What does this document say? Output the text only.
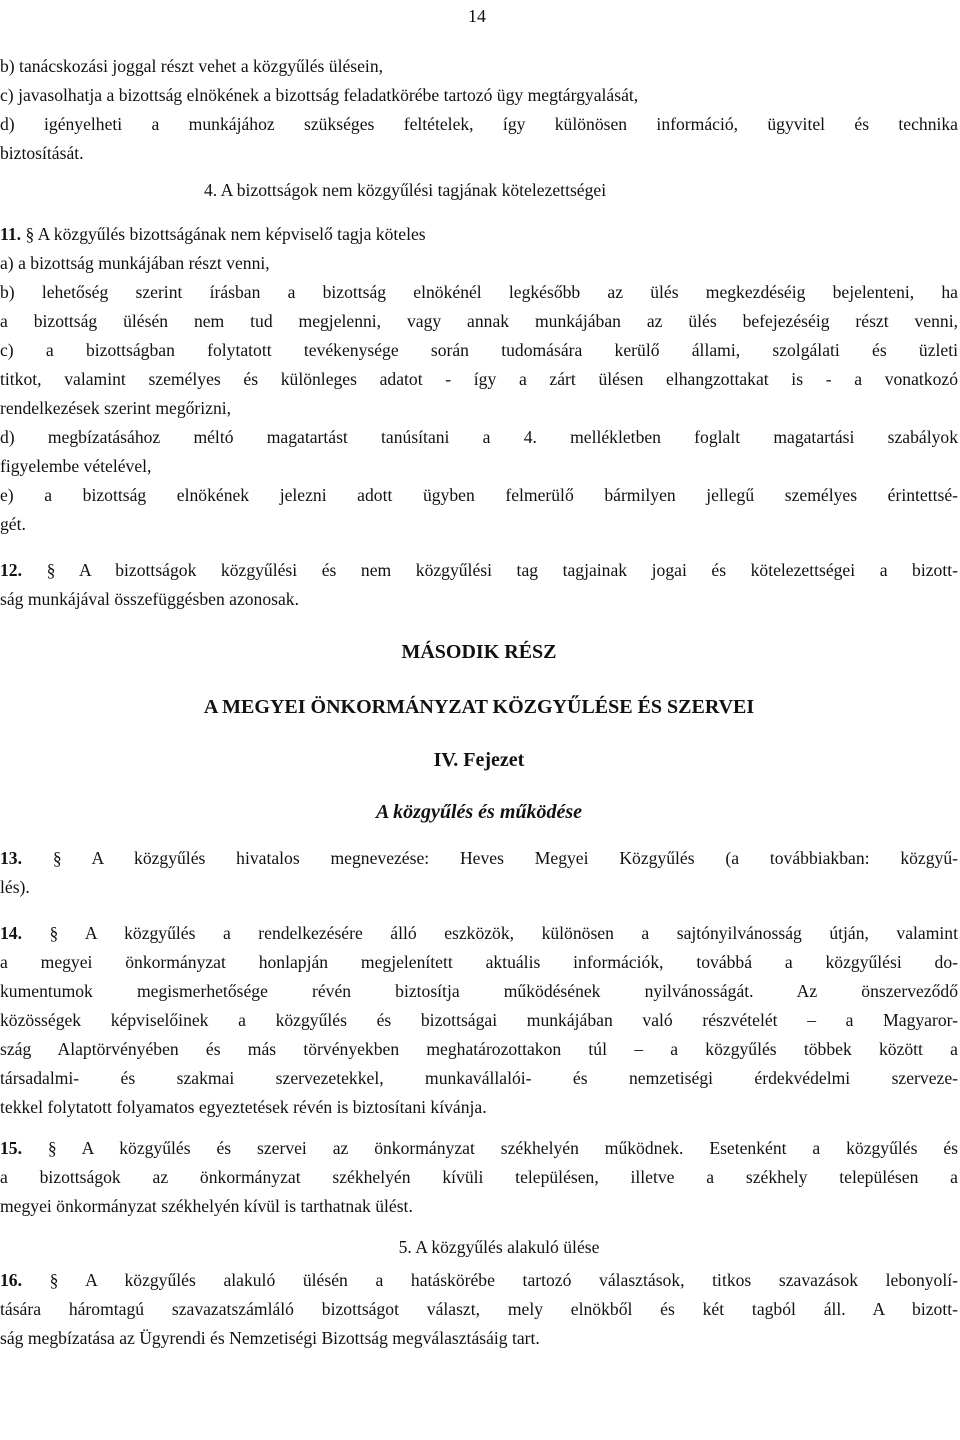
14

b) tanácskozási joggal részt vehet a közgyűlés ülésein,

c) javasolhatja a bizottság elnökének a bizottság feladatkörébe tartozó ügy megtárgyalását,

d) igényelheti a munkájához szükséges feltételek, így különösen információ, ügyvitel és technika

biztosítását.

4. A bizottságok nem közgyűlési tagjának kötelezettségei

11. § A közgyűlés bizottságának nem képviselő tagja köteles

a) a bizottság munkájában részt venni,

b) lehetőség szerint írásban a bizottság elnökénél legkésőbb az ülés megkezdéséig bejelenteni, ha

a bizottság ülésén nem tud megjelenni, vagy annak munkájában az ülés befejezéséig részt venni,

c) a bizottságban folytatott tevékenysége során tudomására kerülő állami, szolgálati és üzleti

titkot, valamint személyes és különleges adatot - így a zárt ülésen elhangzottakat is - a vonatkozó

rendelkezések szerint megőrizni,

d) megbízatásához méltó magatartást tanúsítani a 4. mellékletben foglalt magatartási szabályok

figyelembe vételével,

e) a bizottság elnökének jelezni adott ügyben felmerülő bármilyen jellegű személyes érintettsé-

gét.

12. § A bizottságok közgyűlési és nem közgyűlési tag tagjainak jogai és kötelezettségei a bizott-

ság munkájával összefüggésben azonosak.

MÁSODIK RÉSZ

A MEGYEI ÖNKORMÁNYZAT KÖZGYŰLÉSE ÉS SZERVEI

IV. Fejezet

A közgyűlés és működése

13. § A közgyűlés hivatalos megnevezése: Heves Megyei Közgyűlés (a továbbiakban: közgyű-

lés).

14. § A közgyűlés a rendelkezésére álló eszközök, különösen a sajtónyilvánosság útján, valamint

a megyei önkormányzat honlapján megjelenített aktuális információk, továbbá a közgyűlési do-

kumentumok megismerhetősége révén biztosítja működésének nyilvánosságát. Az önszerveződő

közösségek képviselőinek a közgyűlés és bizottságai munkájában való részvételét – a Magyaror-

szág Alaptörvényében és más törvényekben meghatározottakon túl – a közgyűlés többek között a

társadalmi- és szakmai szervezetekkel, munkavállalói- és nemzetiségi érdekvédelmi szerveze-

tekkel folytatott folyamatos egyeztetések révén is biztosítani kívánja.

15. § A közgyűlés és szervei az önkormányzat székhelyén működnek. Esetenként a közgyűlés és

a bizottságok az önkormányzat székhelyén kívüli településen, illetve a székhely településen a

megyei önkormányzat székhelyén kívül is tarthatnak ülést.

5. A közgyűlés alakuló ülése

16. § A közgyűlés alakuló ülésén a hatáskörébe tartozó választások, titkos szavazások lebonyolí-

tására háromtagú szavazatszámláló bizottságot választ, mely elnökből és két tagból áll. A bizott-

ság megbízatása az Ügyrendi és Nemzetiségi Bizottság megválasztásáig tart.
